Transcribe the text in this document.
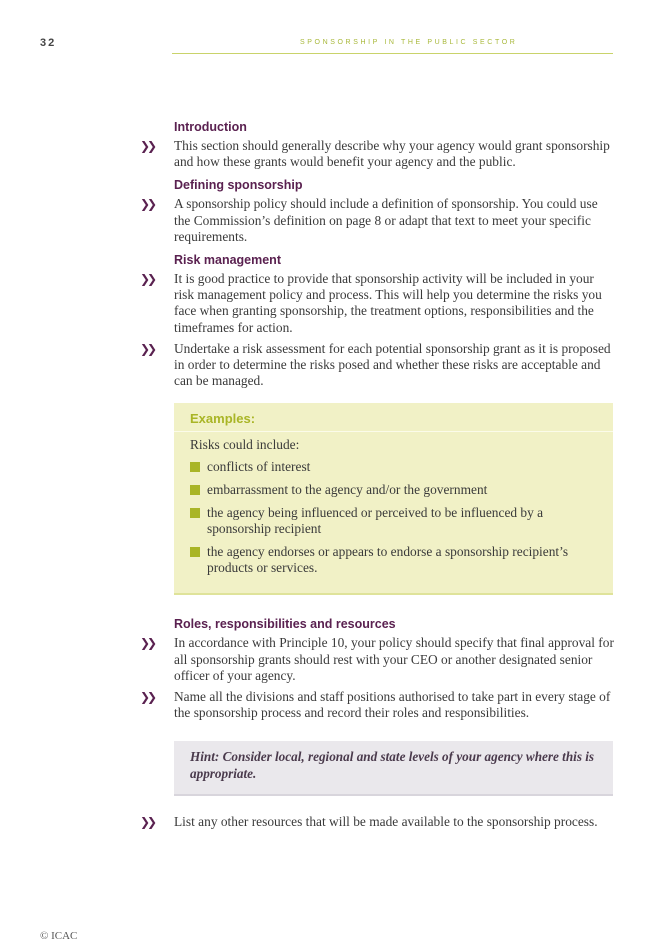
32	SPONSORSHIP IN THE PUBLIC SECTOR
Introduction
❯❯	This section should generally describe why your agency would grant sponsorship and how these grants would benefit your agency and the public.
Defining sponsorship
❯❯	A sponsorship policy should include a definition of sponsorship. You could use the Commission’s definition on page 8 or adapt that text to meet your specific requirements.
Risk management
❯❯	It is good practice to provide that sponsorship activity will be included in your risk management policy and process. This will help you determine the risks you face when granting sponsorship, the treatment options, responsibilities and the timeframes for action.
❯❯	Undertake a risk assessment for each potential sponsorship grant as it is proposed in order to determine the risks posed and whether these risks are acceptable and can be managed.
Examples:
Risks could include:
conflicts of interest
embarrassment to the agency and/or the government
the agency being influenced or perceived to be influenced by a sponsorship recipient
the agency endorses or appears to endorse a sponsorship recipient’s products or services.
Roles, responsibilities and resources
❯❯	In accordance with Principle 10, your policy should specify that final approval for all sponsorship grants should rest with your CEO or another designated senior officer of your agency.
❯❯	Name all the divisions and staff positions authorised to take part in every stage of the sponsorship process and record their roles and responsibilities.
Hint: Consider local, regional and state levels of your agency where this is appropriate.
❯❯	List any other resources that will be made available to the sponsorship process.
© ICAC
